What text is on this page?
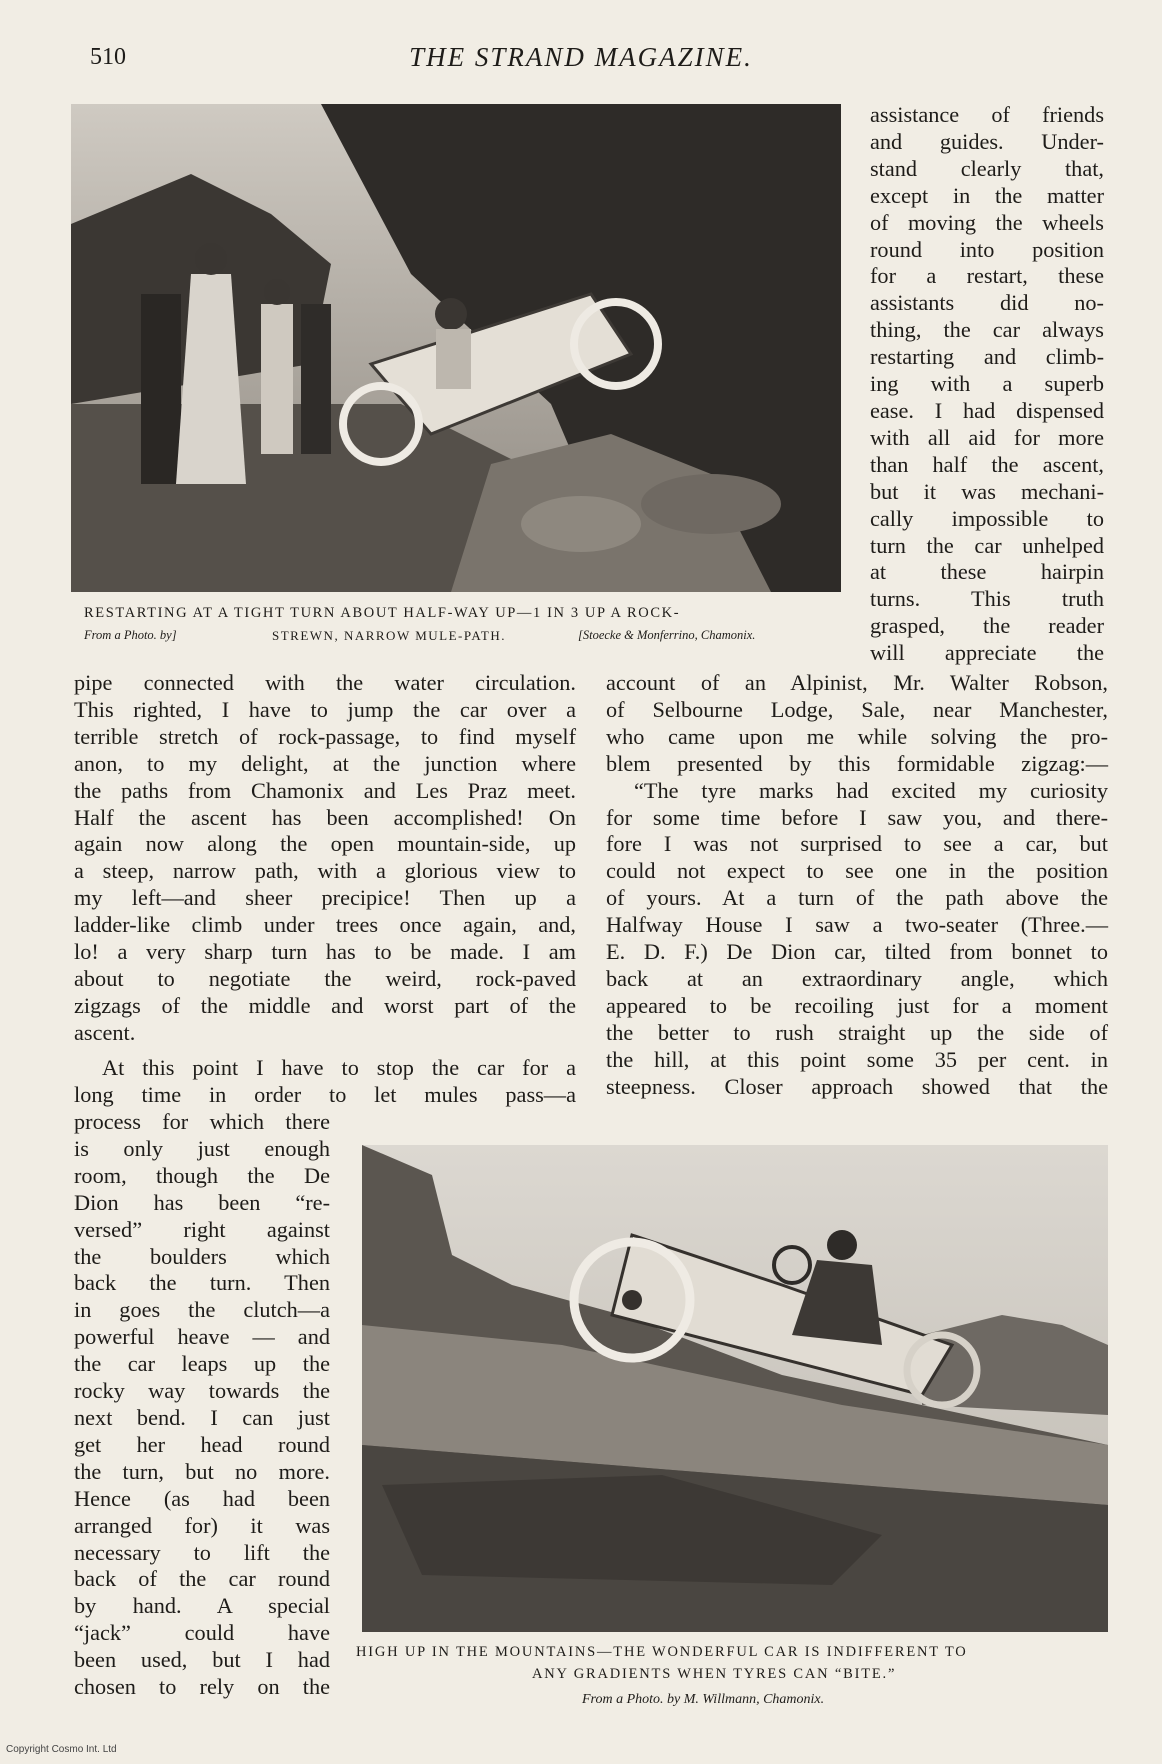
510	THE STRAND MAGAZINE.
RESTARTING AT A TIGHT TURN ABOUT HALF-WAY UP—1 IN 3 UP A ROCK-
From a Photo. by]	STREWN, NARROW MULE-PATH.	[Stoecke & Monferrino, Chamonix.
assistance of friends
and guides. Under-
stand clearly that,
except in the matter
of moving the wheels
round into position
for a restart, these
assistants did no-
thing, the car always
restarting and climb-
ing with a superb
ease. I had dispensed
with all aid for more
than half the ascent,
but it was mechani-
cally impossible to
turn the car unhelped
at these hairpin
turns. This truth
grasped, the reader
will appreciate the
pipe connected with the water circulation.
This righted, I have to jump the car over a
terrible stretch of rock-passage, to find myself
anon, to my delight, at the junction where
the paths from Chamonix and Les Praz meet.
Half the ascent has been accomplished! On
again now along the open mountain-side, up
a steep, narrow path, with a glorious view to
my left—and sheer precipice! Then up a
ladder-like climb under trees once again, and,
lo! a very sharp turn has to be made. I am
about to negotiate the weird, rock-paved
zigzags of the middle and worst part of the
ascent.
At this point I have to stop the car for a
long time in order to let mules pass—a
process for which there
is only just enough
room, though the De
Dion has been “re-
versed” right against
the boulders which
back the turn. Then
in goes the clutch—a
powerful heave — and
the car leaps up the
rocky way towards the
next bend. I can just
get her head round
the turn, but no more.
Hence (as had been
arranged for) it was
necessary to lift the
back of the car round
by hand. A special
“jack” could have
been used, but I had
chosen to rely on the
account of an Alpinist, Mr. Walter Robson,
of Selbourne Lodge, Sale, near Manchester,
who came upon me while solving the pro-
blem presented by this formidable zigzag:—
“The tyre marks had excited my curiosity
for some time before I saw you, and there-
fore I was not surprised to see a car, but
could not expect to see one in the position
of yours. At a turn of the path above the
Halfway House I saw a two-seater (Three.—
E. D. F.) De Dion car, tilted from bonnet to
back at an extraordinary angle, which
appeared to be recoiling just for a moment
the better to rush straight up the side of
the hill, at this point some 35 per cent. in
steepness. Closer approach showed that the
HIGH UP IN THE MOUNTAINS—THE WONDERFUL CAR IS INDIFFERENT TO
ANY GRADIENTS WHEN TYRES CAN “BITE.”
From a Photo. by M. Willmann, Chamonix.
Copyright Cosmo Int. Ltd
